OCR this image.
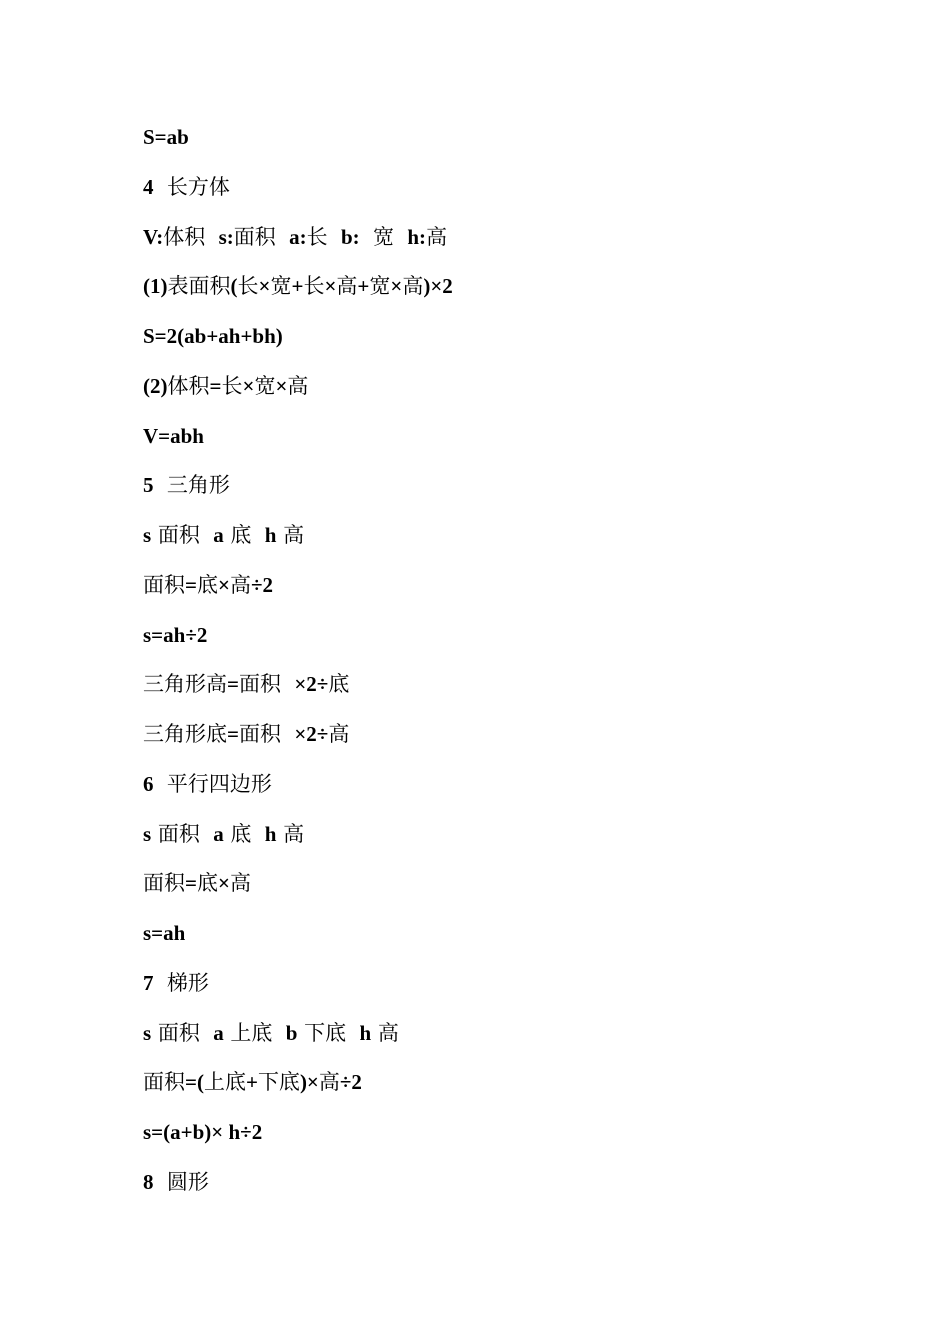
S=ab
4  长方体
V:体积  s:面积  a:长  b:  宽  h:高
(1)表面积(长×宽+长×高+宽×高)×2
S=2(ab+ah+bh)
(2)体积=长×宽×高
V=abh
5  三角形
s 面积  a 底  h 高
面积=底×高÷2
s=ah÷2
三角形高=面积  ×2÷底
三角形底=面积  ×2÷高
6  平行四边形
s 面积  a 底  h 高
面积=底×高
s=ah
7  梯形
s 面积  a 上底  b 下底  h 高
面积=(上底+下底)×高÷2
s=(a+b)× h÷2
8  圆形
